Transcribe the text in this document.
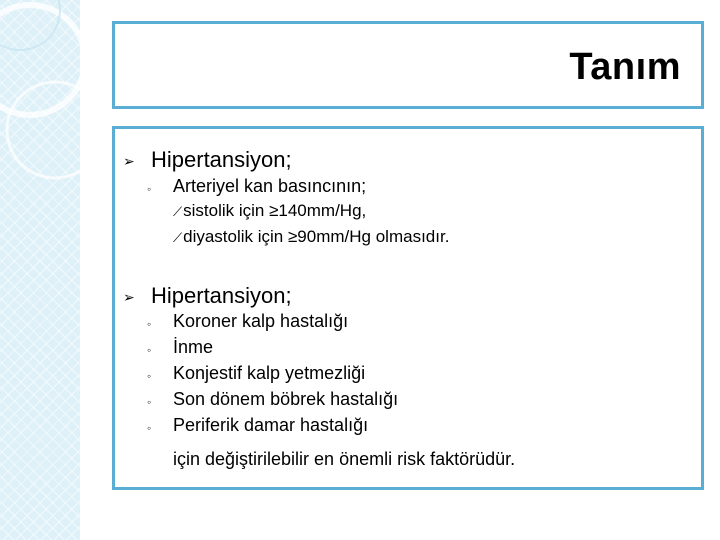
Tanım
➢ Hipertansiyon;
◦ Arteriyel kan basıncının;
⟋sistolik için ≥140mm/Hg,
⟋diyastolik için ≥90mm/Hg olmasıdır.
➢ Hipertansiyon;
◦ Koroner kalp hastalığı
◦ İnme
◦ Konjestif kalp yetmezliği
◦ Son dönem böbrek hastalığı
◦ Periferik damar hastalığı
için değiştirilebilir en önemli risk faktörüdür.
